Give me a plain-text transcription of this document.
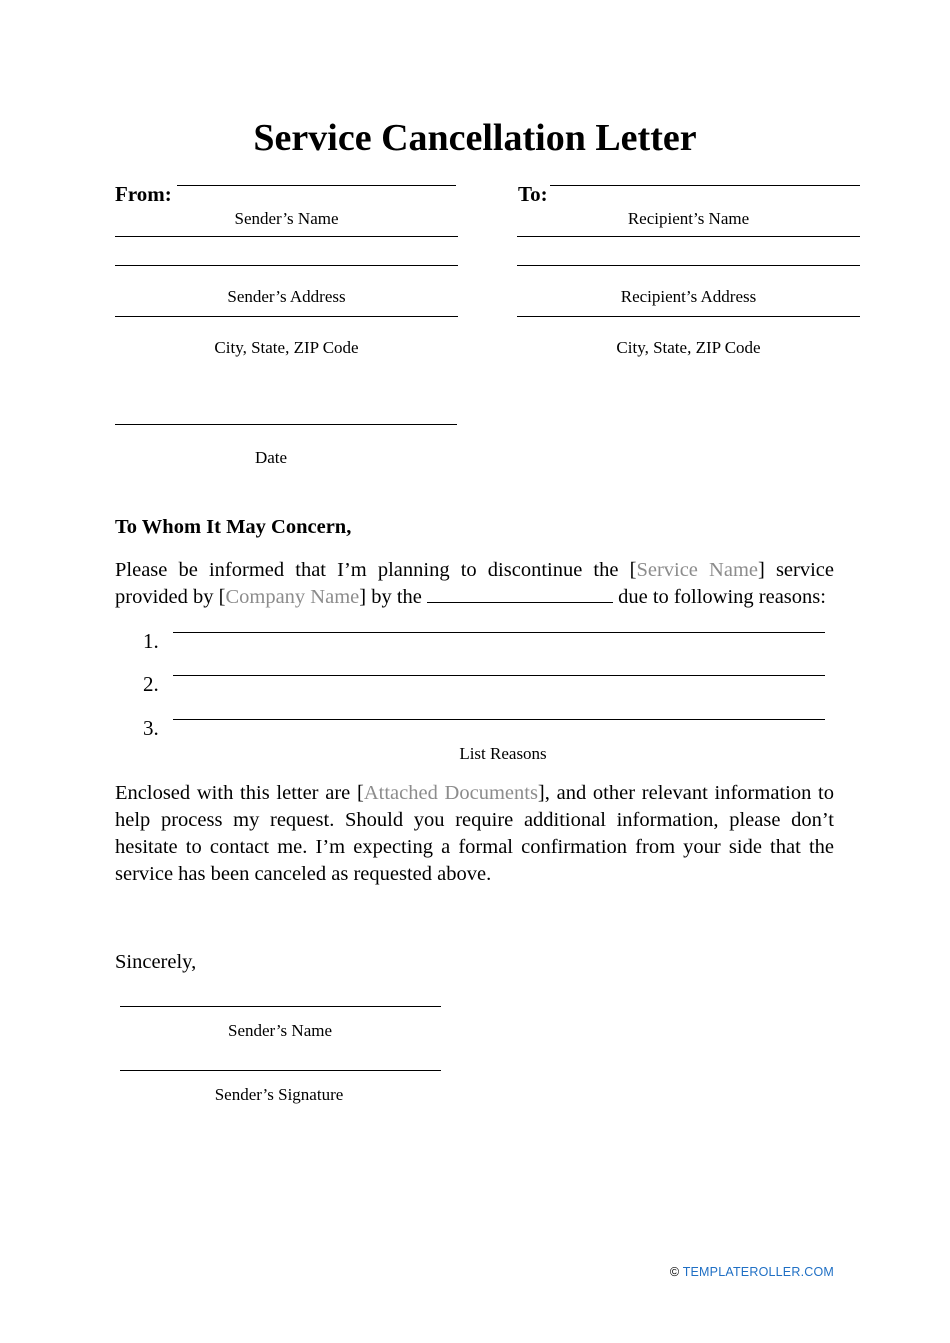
Service Cancellation Letter
From:
Sender’s Name
Sender’s Address
City, State, ZIP Code
To:
Recipient’s Name
Recipient’s Address
City, State, ZIP Code
Date
To Whom It May Concern,
Please be informed that I’m planning to discontinue the [Service Name] service provided by [Company Name] by the	due to following reasons:
1.
2.
3.
List Reasons
Enclosed with this letter are [Attached Documents], and other relevant information to help process my request. Should you require additional information, please don’t hesitate to contact me. I’m expecting a formal confirmation from your side that the service has been canceled as requested above.
Sincerely,
Sender’s Name
Sender’s Signature
© TEMPLATEROLLER.COM
